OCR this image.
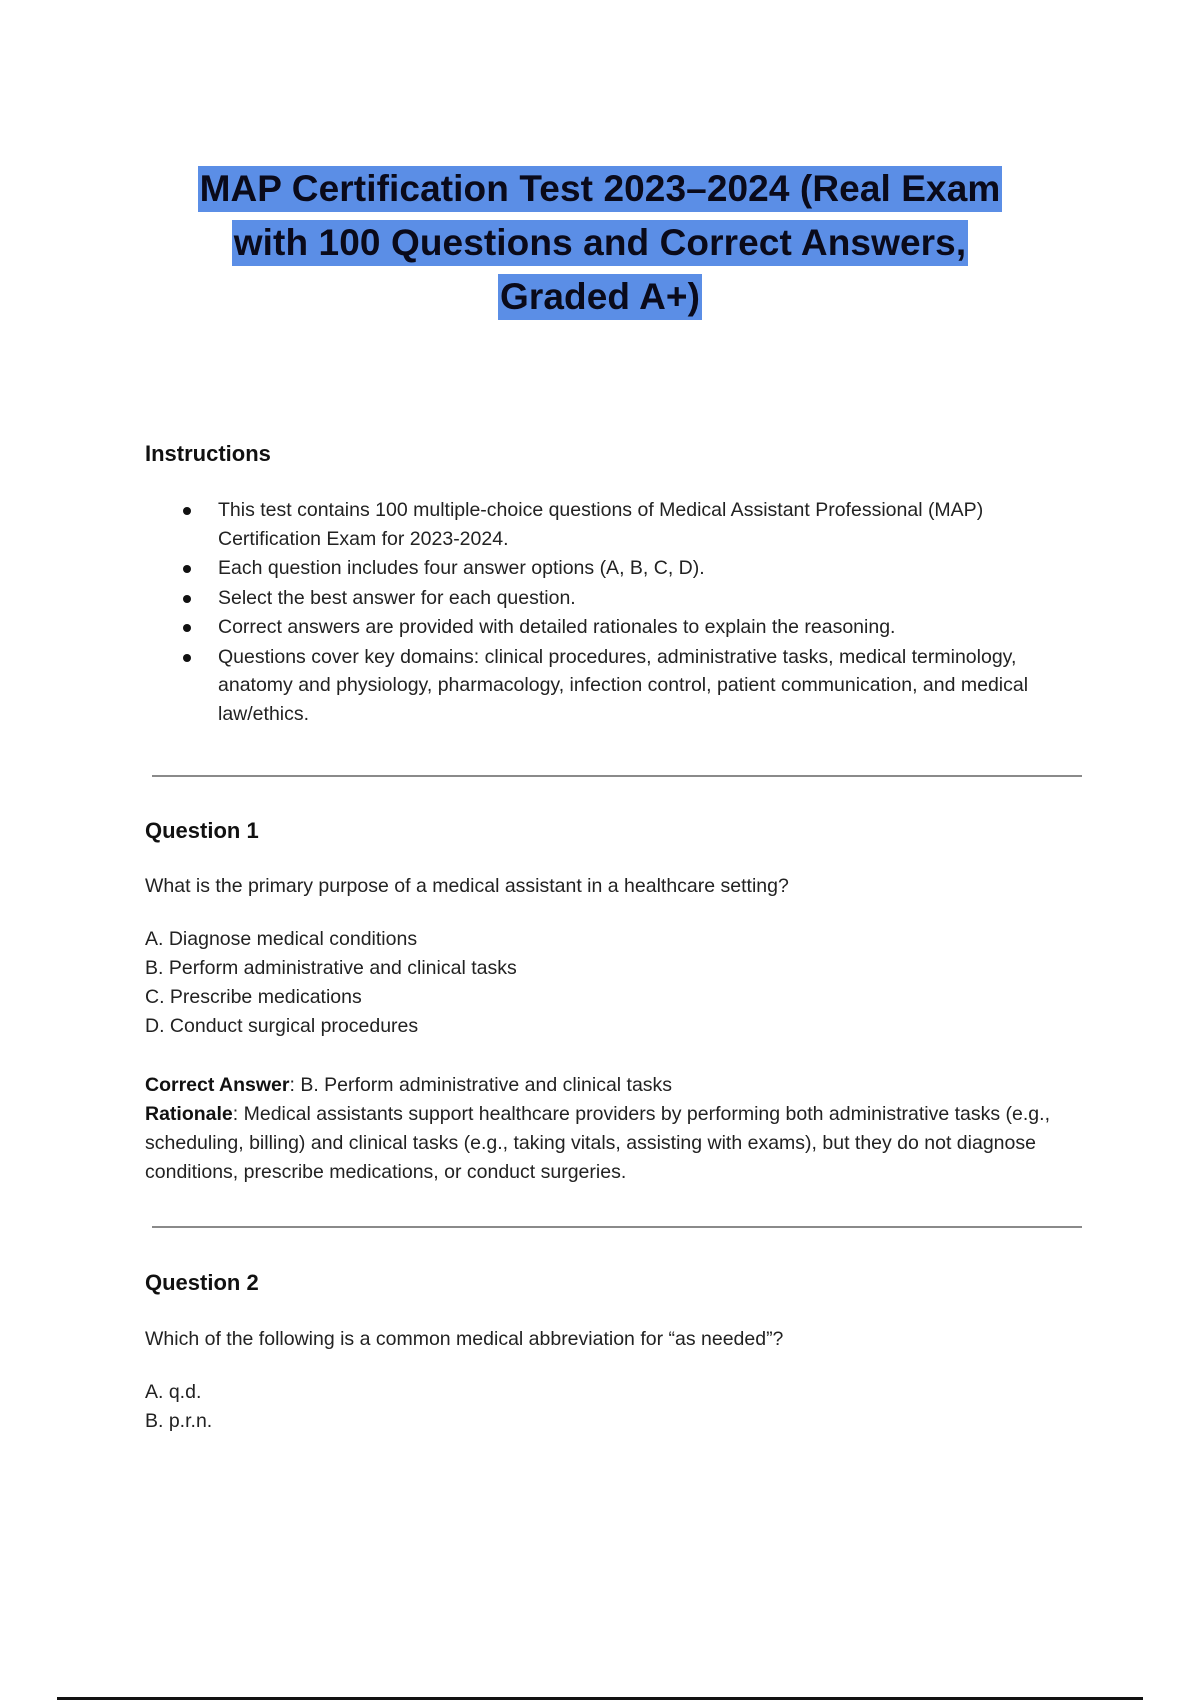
MAP Certification Test 2023–2024 (Real Exam
with 100 Questions and Correct Answers,
Graded A+)
Instructions
This test contains 100 multiple-choice questions of Medical Assistant Professional (MAP) Certification Exam for 2023-2024.
Each question includes four answer options (A, B, C, D).
Select the best answer for each question.
Correct answers are provided with detailed rationales to explain the reasoning.
Questions cover key domains: clinical procedures, administrative tasks, medical terminology, anatomy and physiology, pharmacology, infection control, patient communication, and medical law/ethics.
Question 1

What is the primary purpose of a medical assistant in a healthcare setting?

A. Diagnose medical conditions
B. Perform administrative and clinical tasks
C. Prescribe medications
D. Conduct surgical procedures
Correct Answer: B. Perform administrative and clinical tasks
Rationale: Medical assistants support healthcare providers by performing both administrative tasks (e.g., scheduling, billing) and clinical tasks (e.g., taking vitals, assisting with exams), but they do not diagnose conditions, prescribe medications, or conduct surgeries.
Question 2

Which of the following is a common medical abbreviation for “as needed”?

A. q.d.
B. p.r.n.
